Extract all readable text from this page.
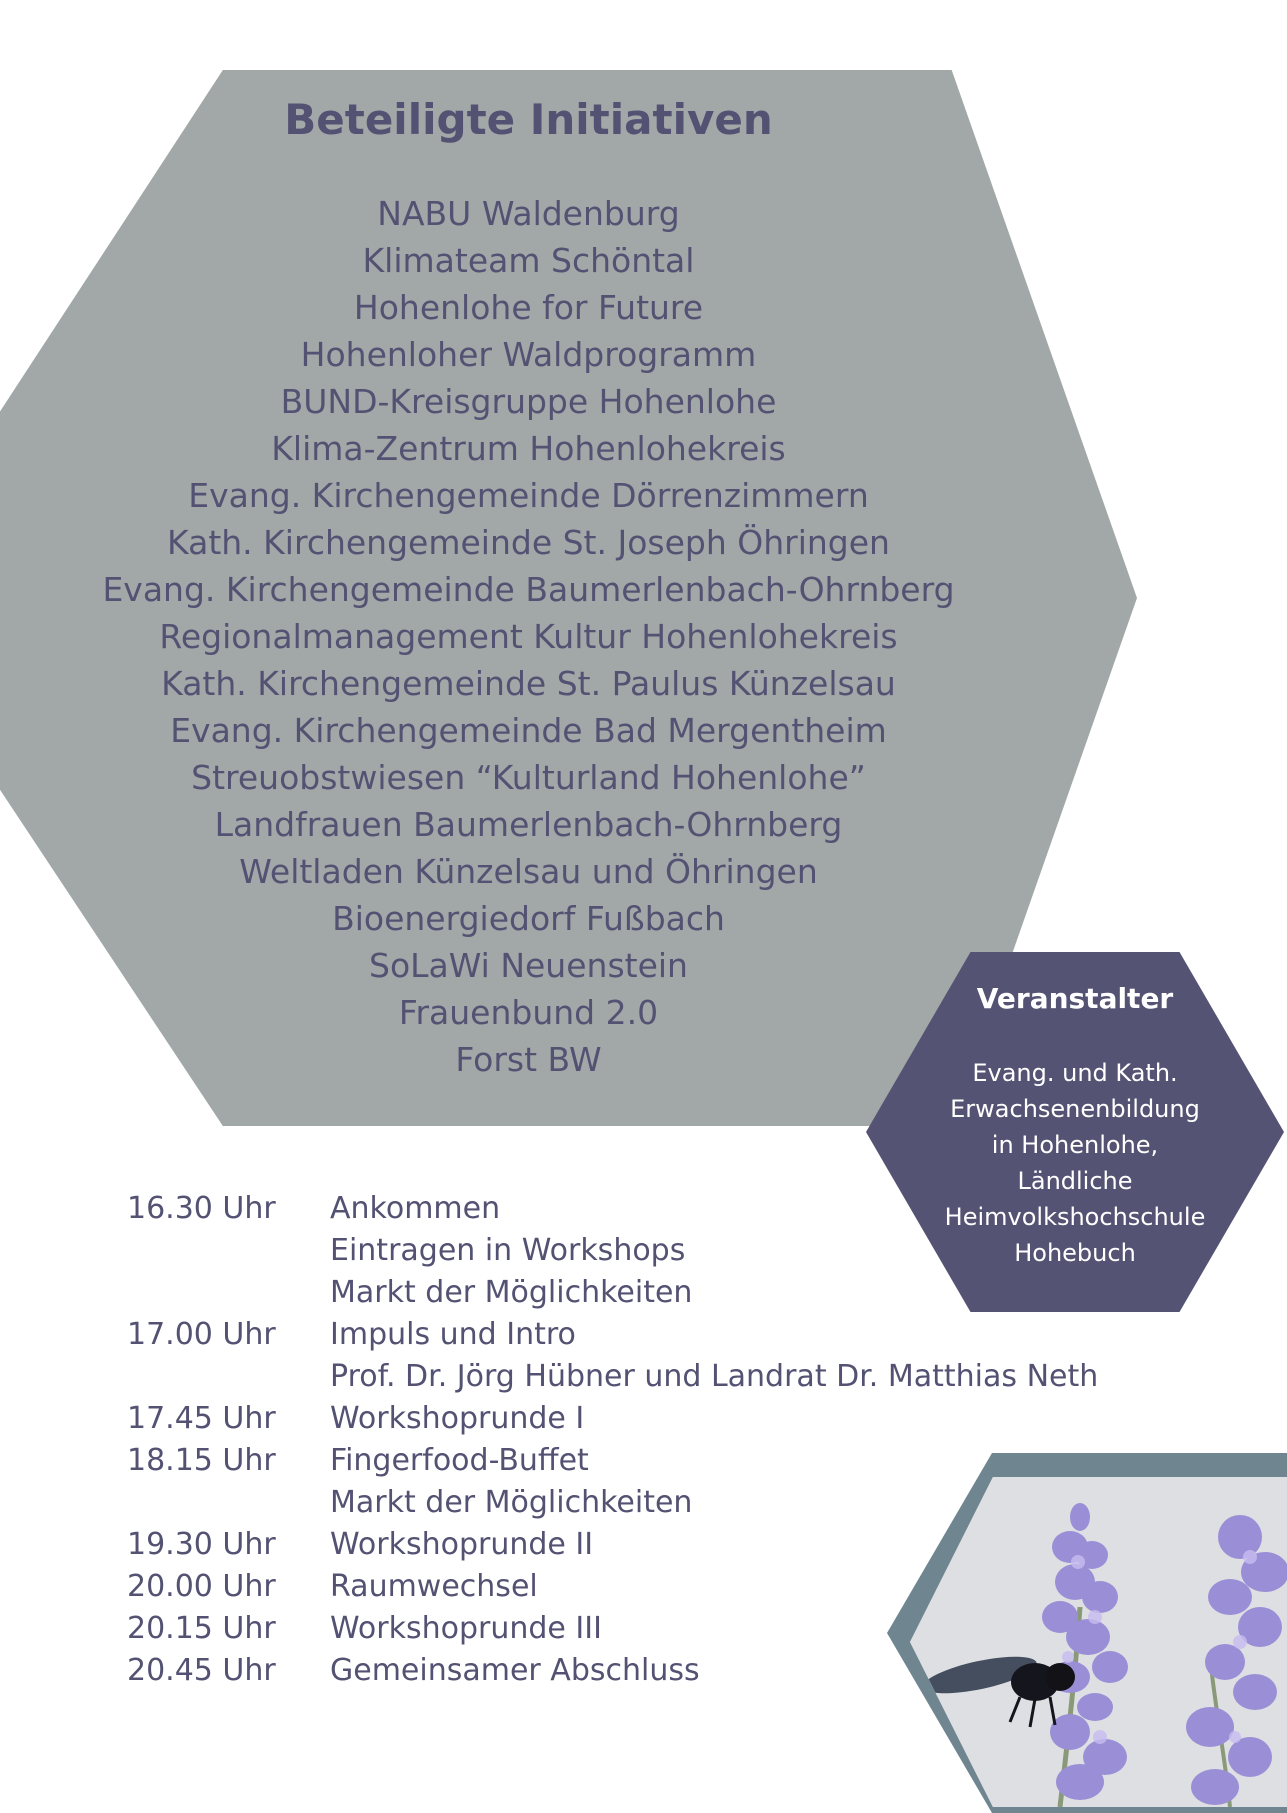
Beteiligte Initiativen
NABU Waldenburg
Klimateam Schöntal
Hohenlohe for Future
Hohenloher Waldprogramm
BUND-Kreisgruppe Hohenlohe
Klima-Zentrum Hohenlohekreis
Evang. Kirchengemeinde Dörrenzimmern
Kath. Kirchengemeinde St. Joseph Öhringen
Evang. Kirchengemeinde Baumerlenbach-Ohrnberg
Regionalmanagement Kultur Hohenlohekreis
Kath. Kirchengemeinde St. Paulus Künzelsau
Evang. Kirchengemeinde Bad Mergentheim
Streuobstwiesen “Kulturland Hohenlohe”
Landfrauen Baumerlenbach-Ohrnberg
Weltladen Künzelsau und Öhringen
Bioenergiedorf Fußbach
SoLaWi Neuenstein
Frauenbund 2.0
Forst BW
Veranstalter
Evang. und Kath.
Erwachsenenbildung
in Hohenlohe,
Ländliche
Heimvolkshochschule
Hohebuch
16.30 Uhr Ankommen
Eintragen in Workshops
Markt der Möglichkeiten
17.00 Uhr Impuls und Intro
Prof. Dr. Jörg Hübner und Landrat Dr. Matthias Neth
17.45 Uhr Workshoprunde I
18.15 Uhr Fingerfood-Buffet
Markt der Möglichkeiten
19.30 Uhr Workshoprunde II
20.00 Uhr Raumwechsel
20.15 Uhr Workshoprunde III
20.45 Uhr Gemeinsamer Abschluss
